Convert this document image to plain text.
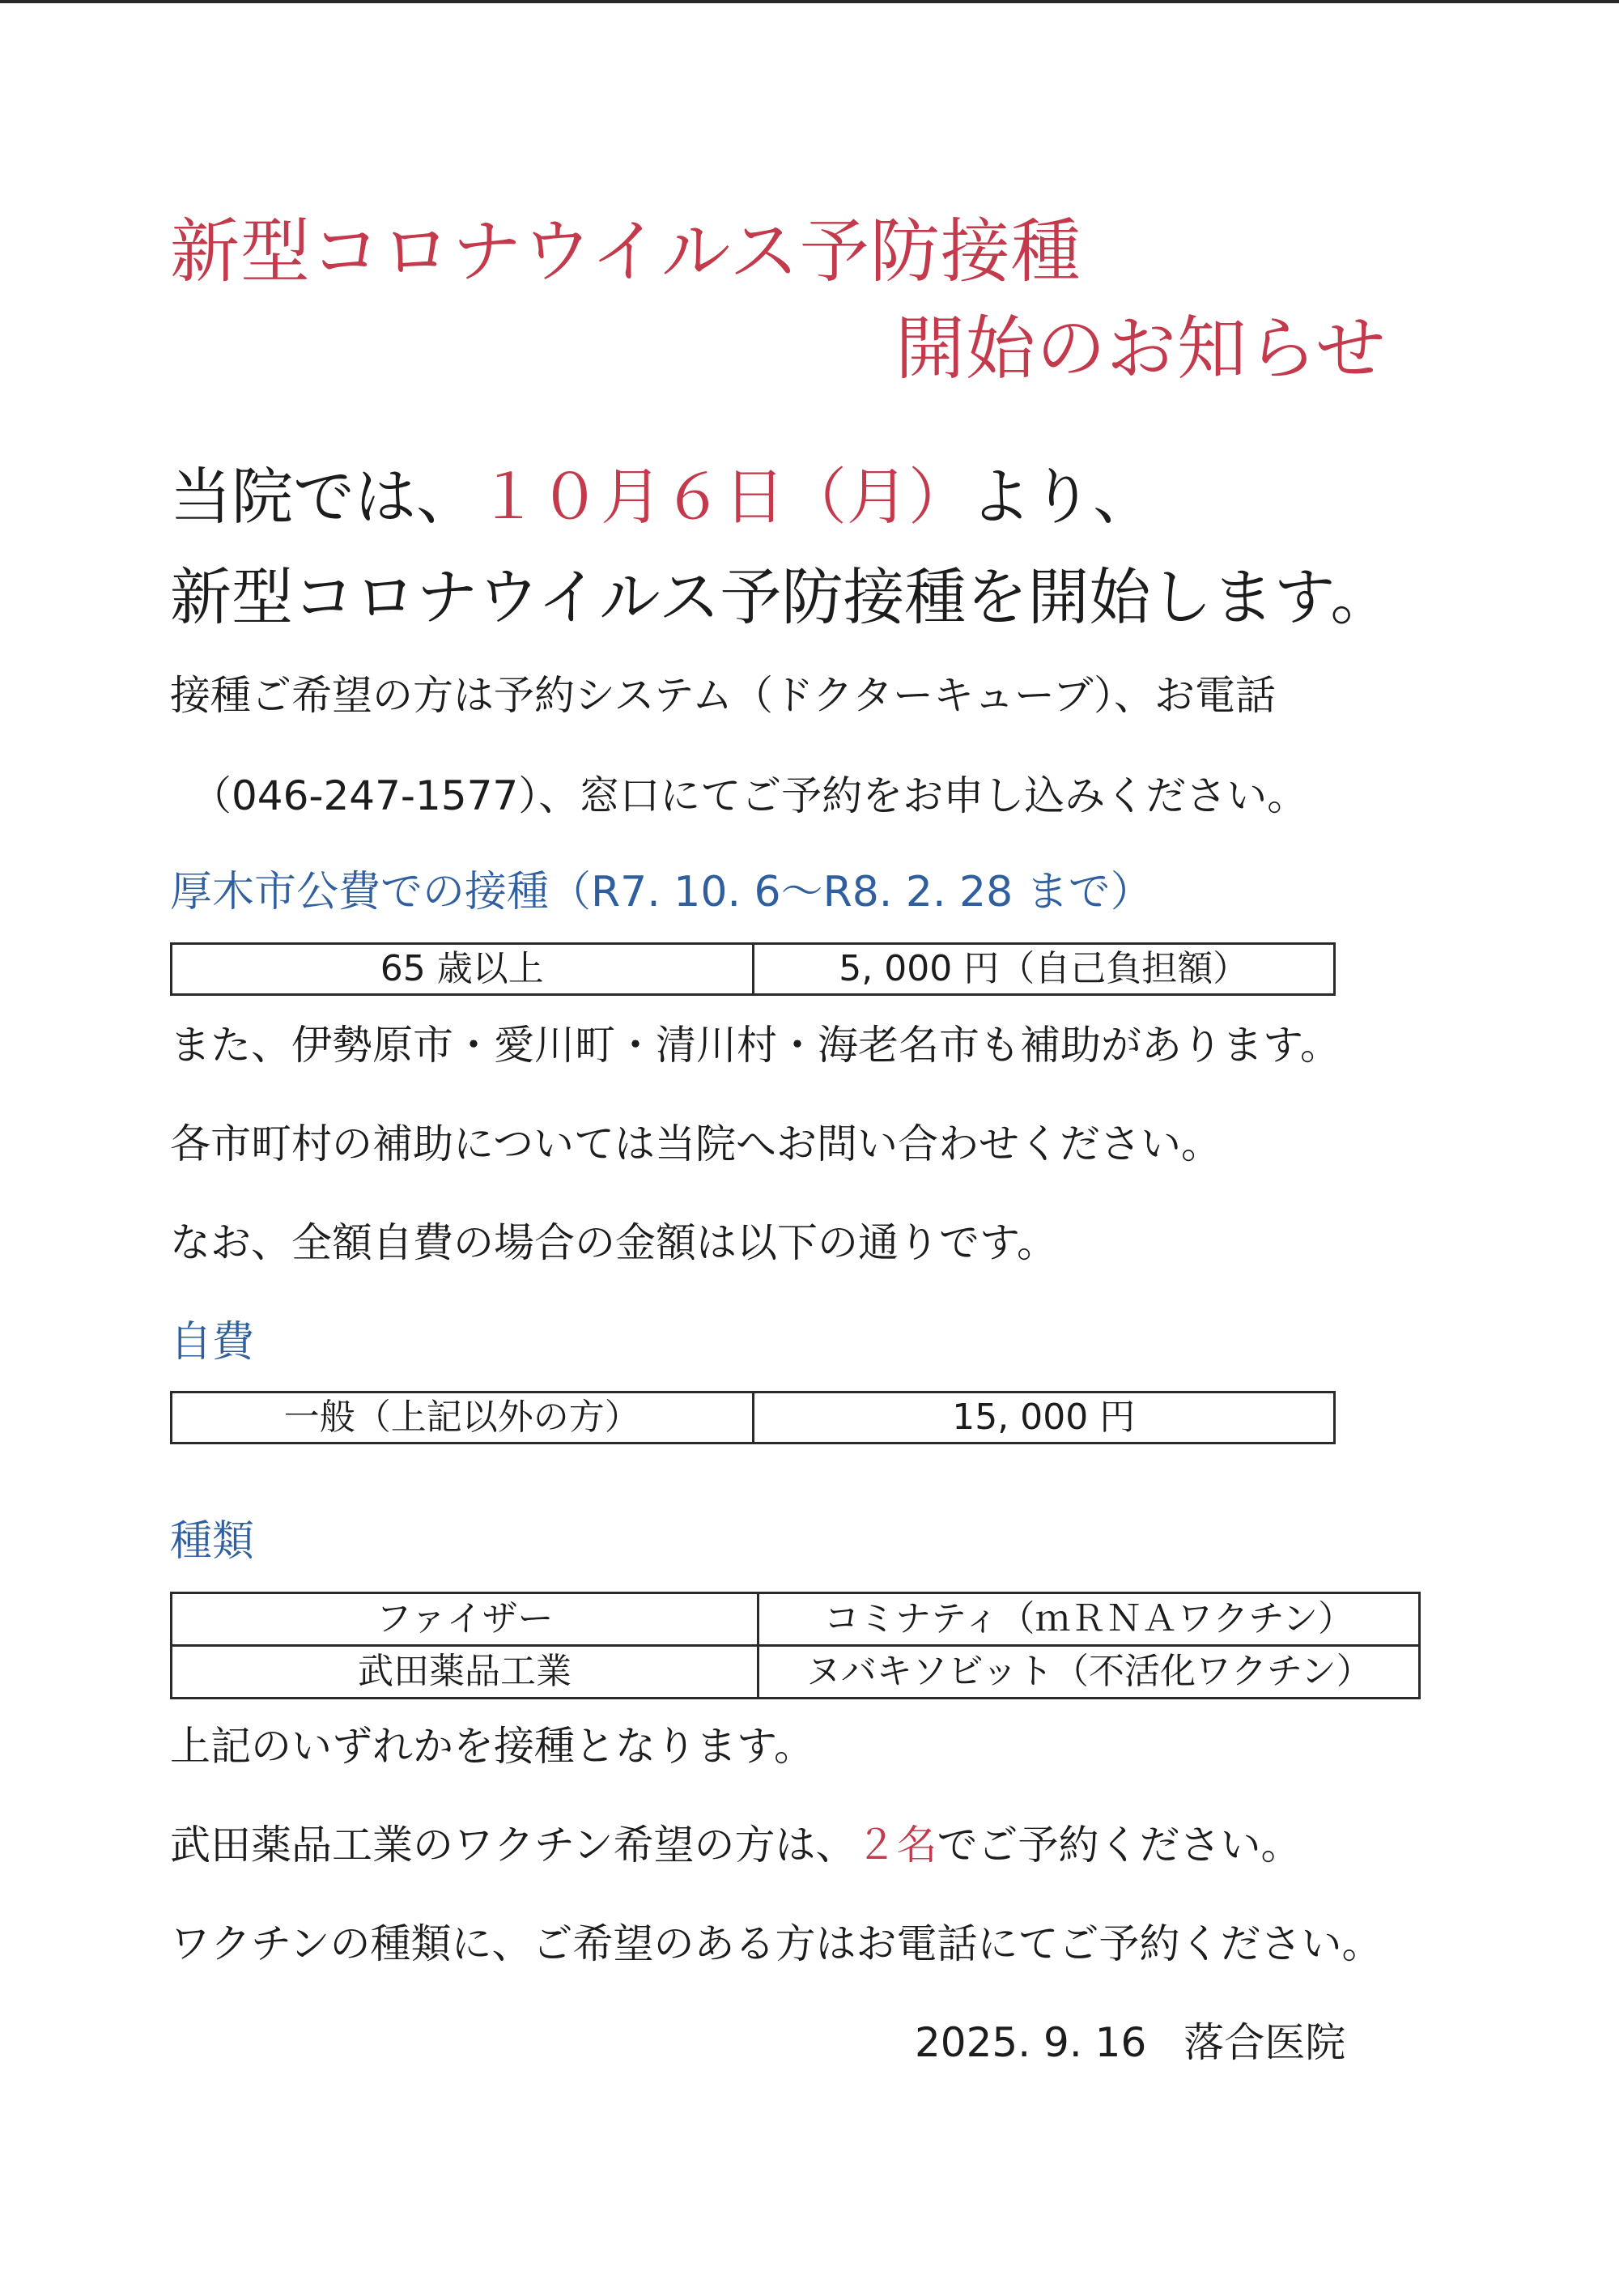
新型コロナウイルス予防接種
開始のお知らせ
当院では、１０月６日（月）より、
新型コロナウイルス予防接種を開始します。
接種ご希望の方は予約システム（ドクターキューブ）、お電話
（046-247-1577）、窓口にてご予約をお申し込みください。
厚木市公費での接種（R7. 10. 6～R8. 2. 28 まで）
65 歳以上	5, 000 円（自己負担額）
また、伊勢原市・愛川町・清川村・海老名市も補助があります。
各市町村の補助については当院へお問い合わせください。
なお、全額自費の場合の金額は以下の通りです。
自費
一般（上記以外の方）	15, 000 円
種類
ファイザー	コミナティ（ｍＲＮＡワクチン）
武田薬品工業	ヌバキソビット（不活化ワクチン）
上記のいずれかを接種となります。
武田薬品工業のワクチン希望の方は、２名でご予約ください。
ワクチンの種類に、ご希望のある方はお電話にてご予約ください。
2025. 9. 16 落合医院
